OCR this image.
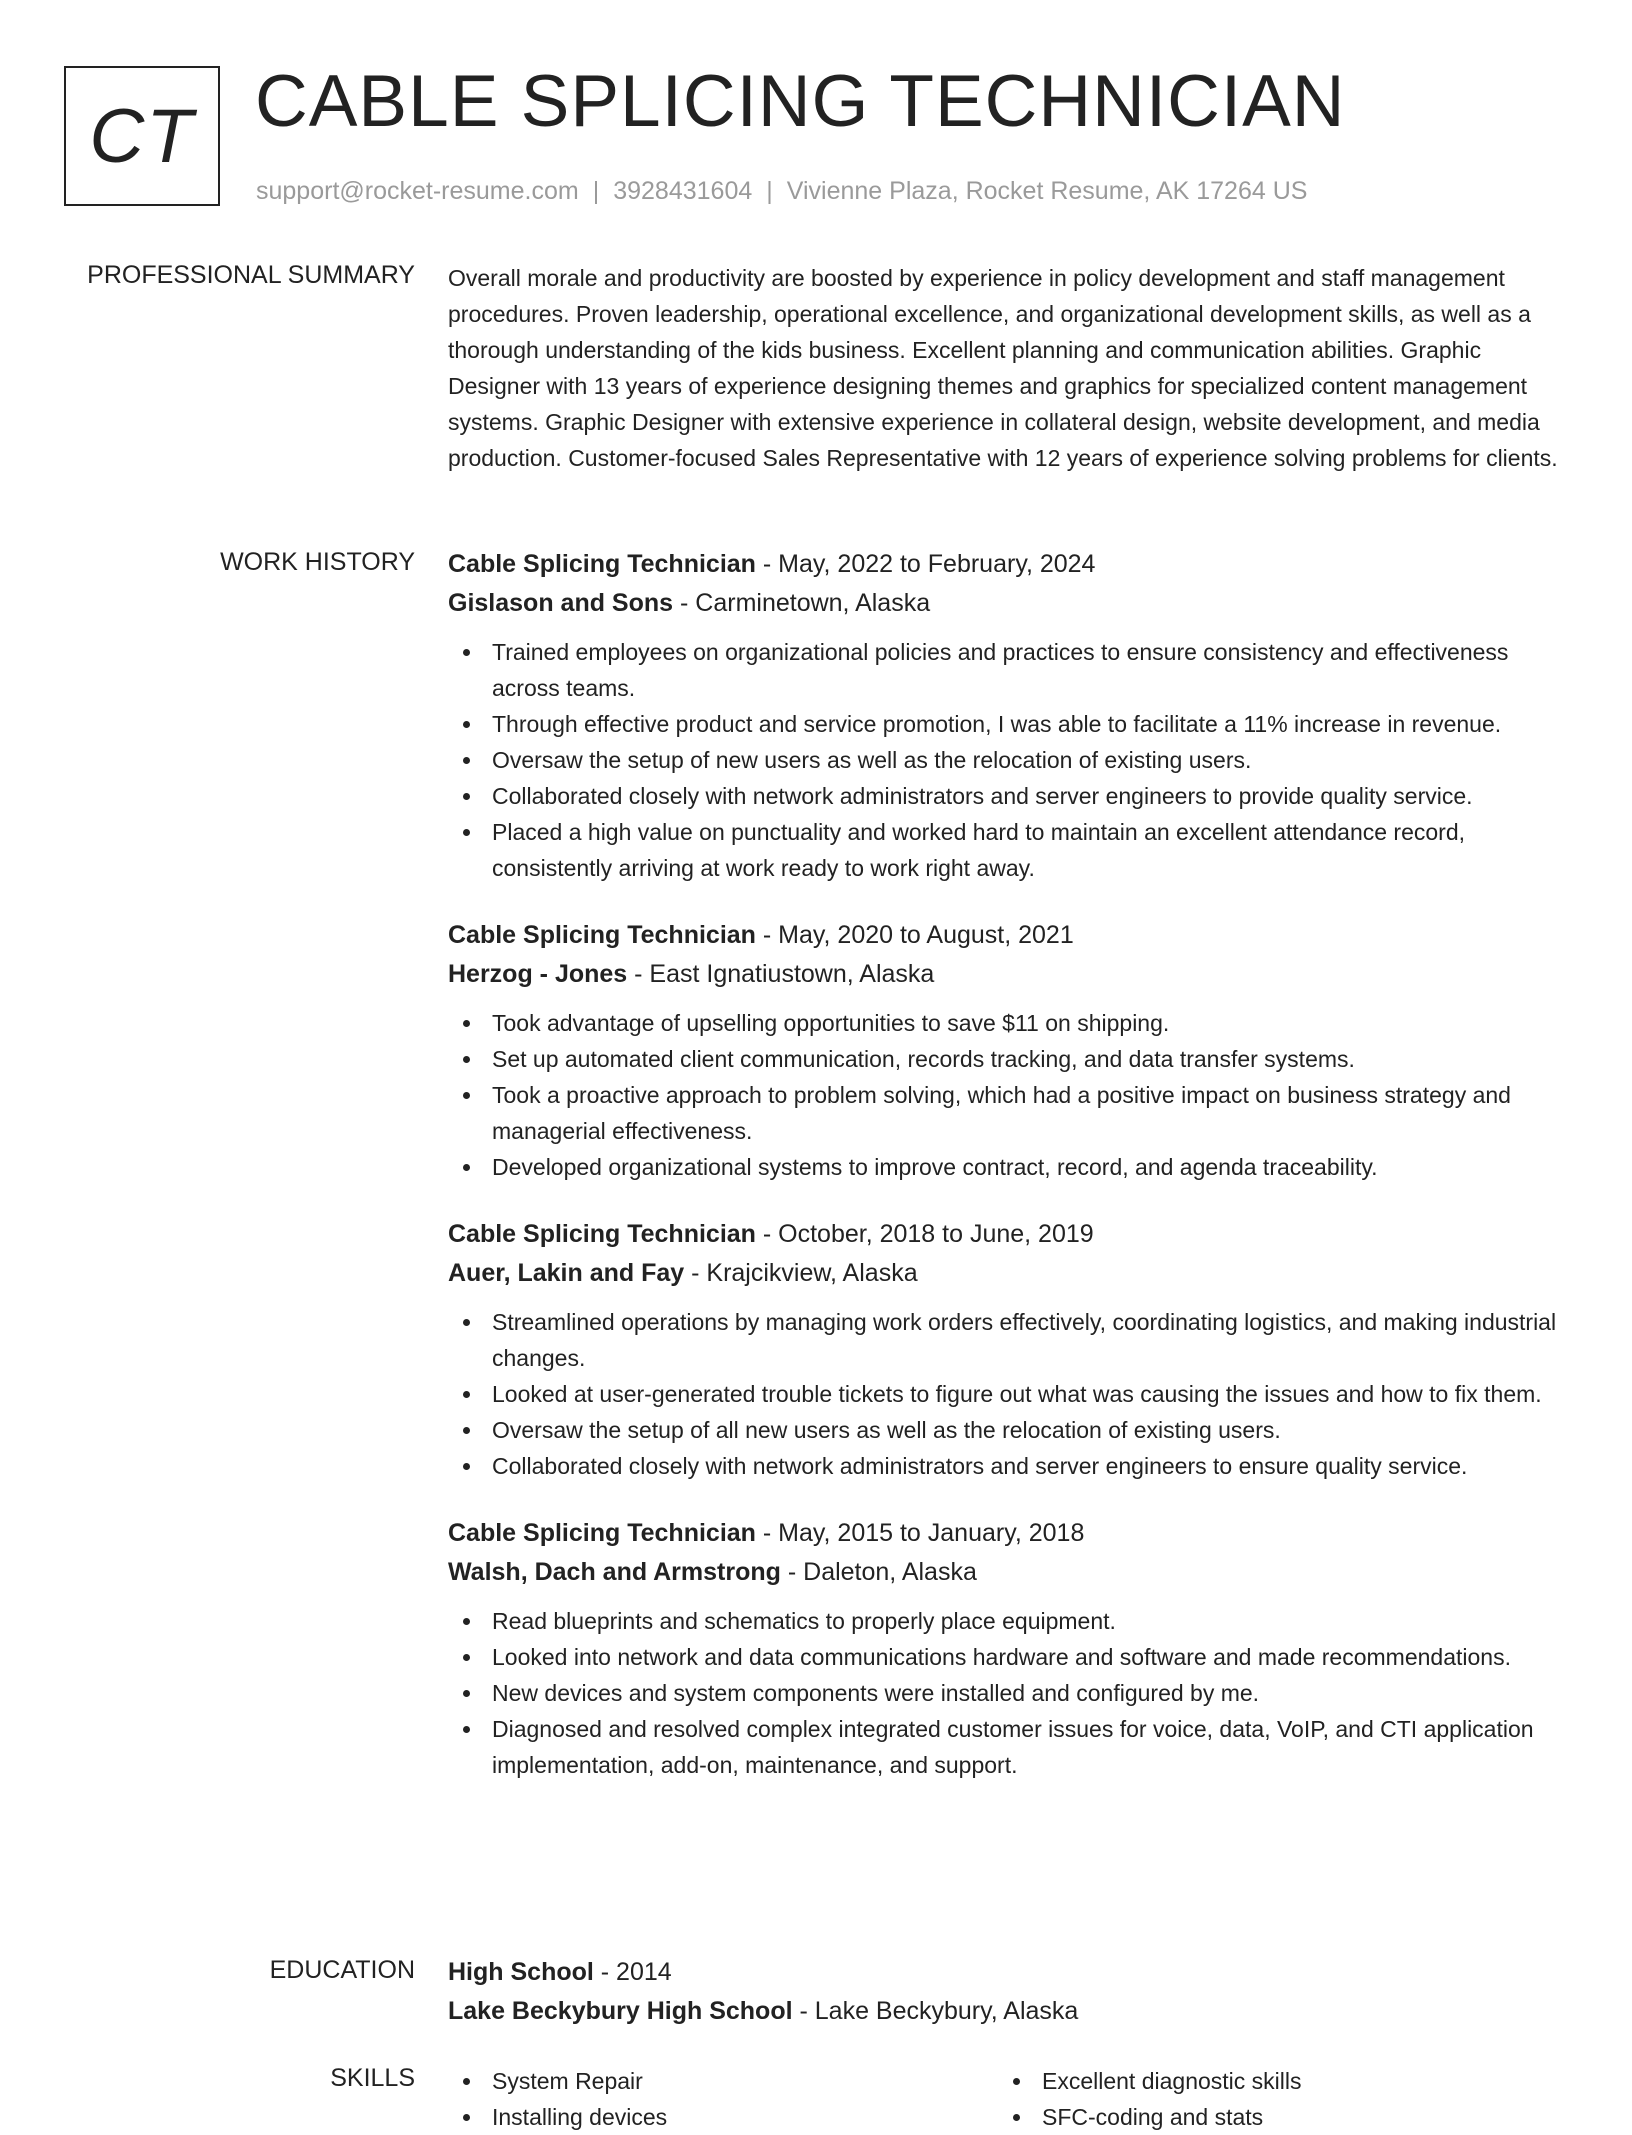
CT CABLE SPLICING TECHNICIAN
support@rocket-resume.com | 3928431604 | Vivienne Plaza, Rocket Resume, AK 17264 US
PROFESSIONAL SUMMARY Overall morale and productivity are boosted by experience in policy development and staff management procedures. Proven leadership, operational excellence, and organizational development skills, as well as a thorough understanding of the kids business. Excellent planning and communication abilities. Graphic Designer with 13 years of experience designing themes and graphics for specialized content management systems. Graphic Designer with extensive experience in collateral design, website development, and media production. Customer-focused Sales Representative with 12 years of experience solving problems for clients.

WORK HISTORY Cable Splicing Technician - May, 2022 to February, 2024
Gislason and Sons - Carminetown, Alaska
Trained employees on organizational policies and practices to ensure consistency and effectiveness across teams.
Through effective product and service promotion, I was able to facilitate a 11% increase in revenue.
Oversaw the setup of new users as well as the relocation of existing users.
Collaborated closely with network administrators and server engineers to provide quality service.
Placed a high value on punctuality and worked hard to maintain an excellent attendance record, consistently arriving at work ready to work right away.
Cable Splicing Technician - May, 2020 to August, 2021
Herzog - Jones - East Ignatiustown, Alaska
Took advantage of upselling opportunities to save $11 on shipping.
Set up automated client communication, records tracking, and data transfer systems.
Took a proactive approach to problem solving, which had a positive impact on business strategy and managerial effectiveness.
Developed organizational systems to improve contract, record, and agenda traceability.
Cable Splicing Technician - October, 2018 to June, 2019
Auer, Lakin and Fay - Krajcikview, Alaska
Streamlined operations by managing work orders effectively, coordinating logistics, and making industrial changes.
Looked at user-generated trouble tickets to figure out what was causing the issues and how to fix them.
Oversaw the setup of all new users as well as the relocation of existing users.
Collaborated closely with network administrators and server engineers to ensure quality service.
Cable Splicing Technician - May, 2015 to January, 2018
Walsh, Dach and Armstrong - Daleton, Alaska
Read blueprints and schematics to properly place equipment.
Looked into network and data communications hardware and software and made recommendations.
New devices and system components were installed and configured by me.
Diagnosed and resolved complex integrated customer issues for voice, data, VoIP, and CTI application implementation, add-on, maintenance, and support.
EDUCATION High School - 2014
Lake Beckybury High School - Lake Beckybury, Alaska
SKILLS	System Repair
Installing devices
Excellent diagnostic skills
SFC-coding and stats
